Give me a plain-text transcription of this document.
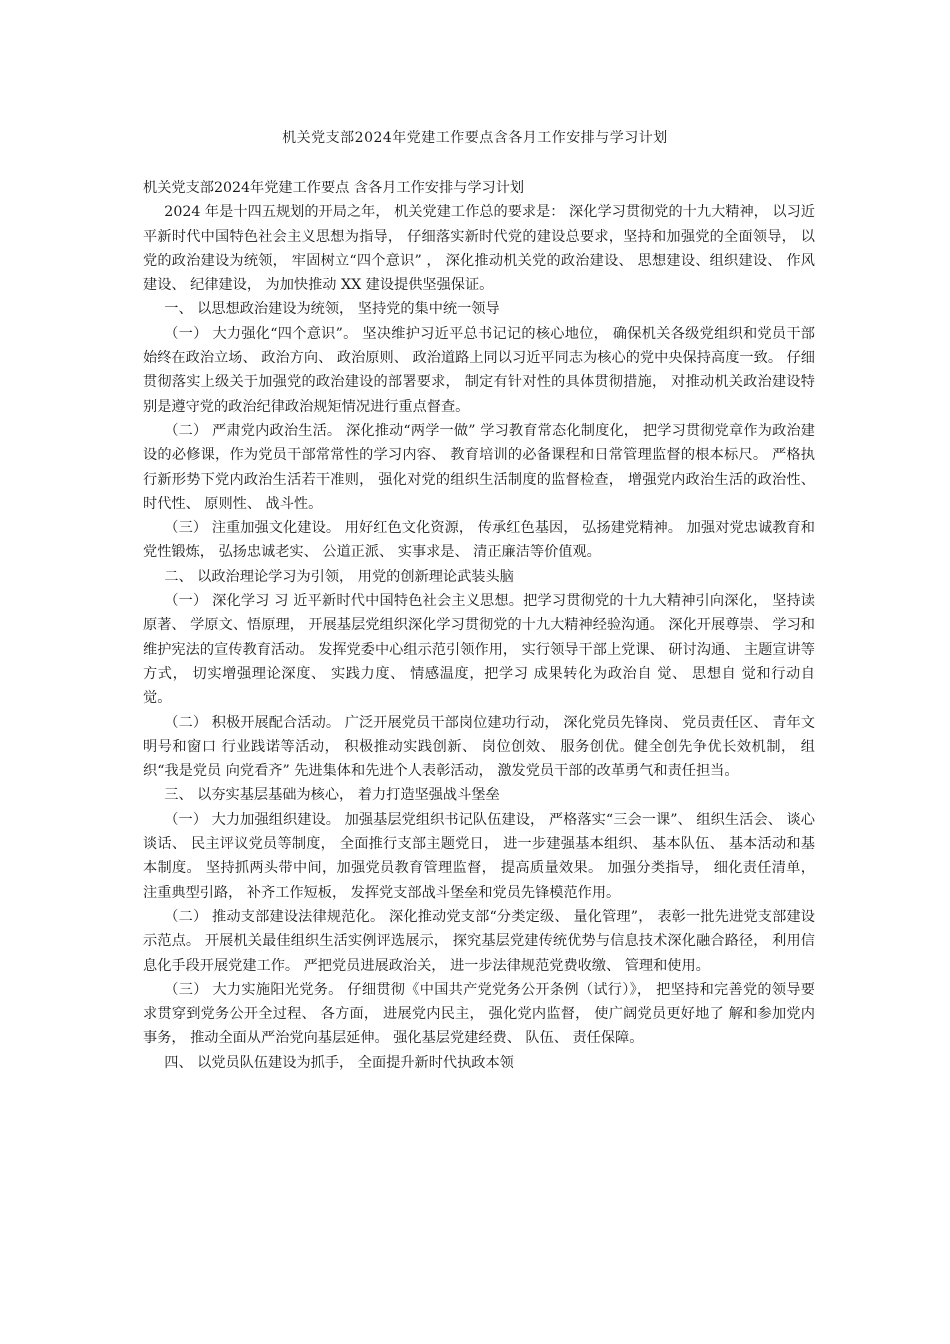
机关党支部2024年党建工作要点含各月工作安排与学习计划

机关党支部2024年党建工作要点 含各月工作安排与学习计划

2024 年是十四五规划的开局之年， 机关党建工作总的要求是： 深化学习贯彻党的十九大精神， 以习近平新时代中国特色社会主义思想为指导， 仔细落实新时代党的建设总要求，坚持和加强党的全面领导， 以党的政治建设为统领， 牢固树立“四个意识” ， 深化推动机关党的政治建设、 思想建设、组织建设、 作风建设、 纪律建设， 为加快推动 XX 建设提供坚强保证。

一、 以思想政治建设为统领， 坚持党的集中统一领导

（一） 大力强化“四个意识”。 坚决维护习近平总书记记的核心地位， 确保机关各级党组织和党员干部始终在政治立场、 政治方向、 政治原则、 政治道路上同以习近平同志为核心的党中央保持高度一致。 仔细贯彻落实上级关于加强党的政治建设的部署要求， 制定有针对性的具体贯彻措施， 对推动机关政治建设特别是遵守党的政治纪律政治规矩情况进行重点督查。

（二） 严肃党内政治生活。 深化推动“两学一做” 学习教育常态化制度化， 把学习贯彻党章作为政治建设的必修课，作为党员干部常常性的学习内容、 教育培训的必备课程和日常管理监督的根本标尺。 严格执行新形势下党内政治生活若干准则， 强化对党的组织生活制度的监督检查， 增强党内政治生活的政治性、 时代性、 原则性、 战斗性。

（三） 注重加强文化建设。 用好红色文化资源， 传承红色基因， 弘扬建党精神。 加强对党忠诚教育和党性锻炼， 弘扬忠诚老实、 公道正派、 实事求是、 清正廉洁等价值观。

二、 以政治理论学习为引领， 用党的创新理论武装头脑

（一） 深化学习 习 近平新时代中国特色社会主义思想。把学习贯彻党的十九大精神引向深化， 坚持读原著、 学原文、悟原理， 开展基层党组织深化学习贯彻党的十九大精神经验沟通。 深化开展尊崇、 学习和维护宪法的宣传教育活动。 发挥党委中心组示范引领作用， 实行领导干部上党课、 研讨沟通、 主题宣讲等方式， 切实增强理论深度、 实践力度、 情感温度，把学习 成果转化为政治自 觉、 思想自 觉和行动自 觉。

（二） 积极开展配合活动。 广泛开展党员干部岗位建功行动， 深化党员先锋岗、 党员责任区、 青年文明号和窗口 行业践诺等活动， 积极推动实践创新、 岗位创效、 服务创优。健全创先争优长效机制， 组织“我是党员 向党看齐” 先进集体和先进个人表彰活动， 激发党员干部的改革勇气和责任担当。

三、 以夯实基层基础为核心， 着力打造坚强战斗堡垒

（一） 大力加强组织建设。 加强基层党组织书记队伍建设， 严格落实“三会一课”、 组织生活会、 谈心谈话、 民主评议党员等制度， 全面推行支部主题党日， 进一步建强基本组织、 基本队伍、 基本活动和基本制度。 坚持抓两头带中间，加强党员教育管理监督， 提高质量效果。 加强分类指导， 细化责任清单， 注重典型引路， 补齐工作短板， 发挥党支部战斗堡垒和党员先锋模范作用。

（二） 推动支部建设法律规范化。 深化推动党支部“分类定级、 量化管理”， 表彰一批先进党支部建设示范点。 开展机关最佳组织生活实例评选展示， 探究基层党建传统优势与信息技术深化融合路径， 利用信息化手段开展党建工作。 严把党员进展政治关， 进一步法律规范党费收缴、 管理和使用。

（三） 大力实施阳光党务。 仔细贯彻《中国共产党党务公开条例（试行）》， 把坚持和完善党的领导要求贯穿到党务公开全过程、 各方面， 进展党内民主， 强化党内监督， 使广阔党员更好地了 解和参加党内事务， 推动全面从严治党向基层延伸。 强化基层党建经费、 队伍、 责任保障。

四、 以党员队伍建设为抓手， 全面提升新时代执政本领
